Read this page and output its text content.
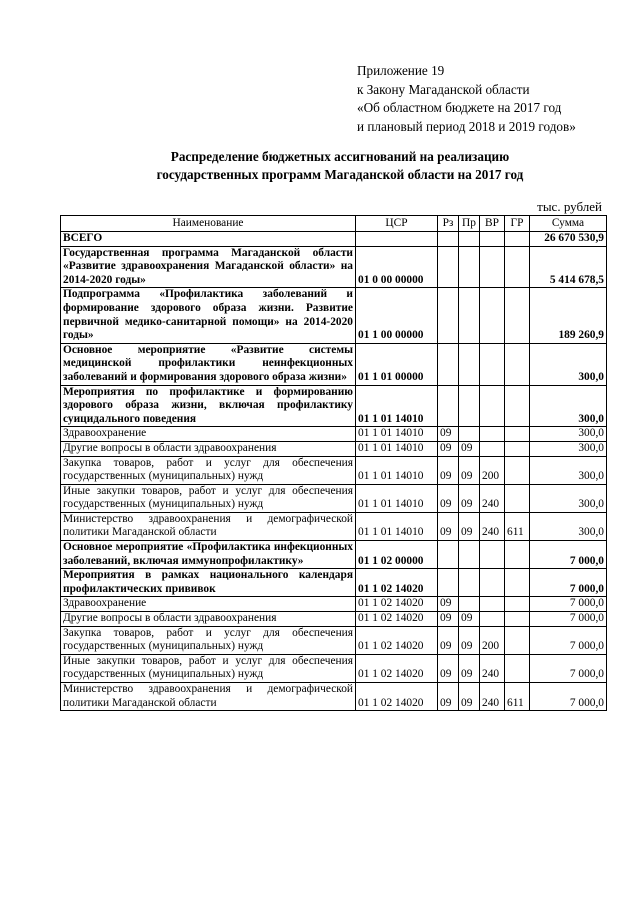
Приложение 19
к Закону Магаданской области
«Об областном бюджете на 2017 год
и плановый период 2018 и 2019 годов»
Распределение бюджетных ассигнований на реализацию
государственных программ Магаданской области на 2017 год
тыс. рублей
Наименование	ЦСР	Рз	Пр	ВР	ГР	Сумма
ВСЕГО						26 670 530,9
Государственная программа Магаданской области «Развитие здравоохранения Магаданской области» на 2014-2020 годы»	01 0 00 00000					5 414 678,5
Подпрограмма «Профилактика заболеваний и формирование здорового образа жизни. Развитие первичной медико-санитарной помощи» на 2014-2020 годы»	01 1 00 00000					189 260,9
Основное мероприятие «Развитие системы медицинской профилактики неинфекционных заболеваний и формирования здорового образа жизни»	01 1 01 00000					300,0
Мероприятия по профилактике и формированию здорового образа жизни, включая профилактику суицидального поведения	01 1 01 14010					300,0
Здравоохранение	01 1 01 14010	09				300,0
Другие вопросы в области здравоохранения	01 1 01 14010	09	09			300,0
Закупка товаров, работ и услуг для обеспечения государственных (муниципальных) нужд	01 1 01 14010	09	09	200		300,0
Иные закупки товаров, работ и услуг для обеспечения государственных (муниципальных) нужд	01 1 01 14010	09	09	240		300,0
Министерство здравоохранения и демографической политики Магаданской области	01 1 01 14010	09	09	240	611	300,0
Основное мероприятие «Профилактика инфекционных заболеваний, включая иммунопрофилактику»	01 1 02 00000					7 000,0
Мероприятия в рамках национального календаря профилактических прививок	01 1 02 14020					7 000,0
Здравоохранение	01 1 02 14020	09				7 000,0
Другие вопросы в области здравоохранения	01 1 02 14020	09	09			7 000,0
Закупка товаров, работ и услуг для обеспечения государственных (муниципальных) нужд	01 1 02 14020	09	09	200		7 000,0
Иные закупки товаров, работ и услуг для обеспечения государственных (муниципальных) нужд	01 1 02 14020	09	09	240		7 000,0
Министерство здравоохранения и демографической политики Магаданской области	01 1 02 14020	09	09	240	611	7 000,0
